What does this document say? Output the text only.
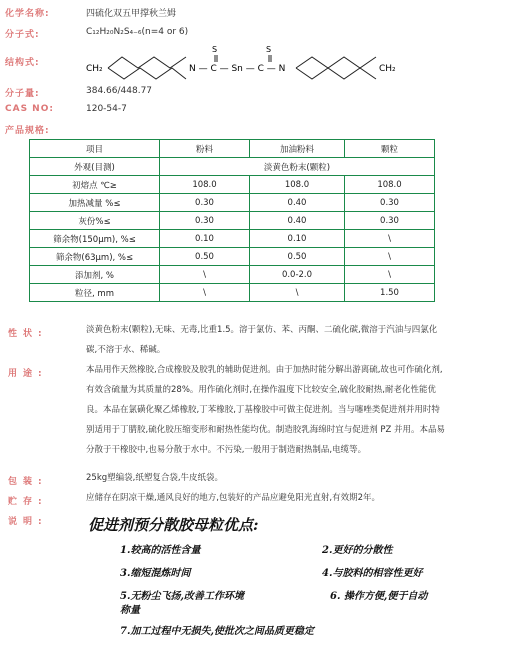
化学名称:	四硫化双五甲撑秋兰姆
分子式:	C₁₂H₂₀N₂S₄₋₆(n=4 or 6)
结构式:
CH₂	N — C — Sn — C — N
S	S
CH₂
分子量:	384.66/448.77
CAS NO:	120-54-7
产品规格:
项目	粉料	加油粉料	颗粒
外观(目测)	淡黄色粉末(颗粒)		
初熔点 ℃≥	108.0	108.0	108.0
加热减量 %≤	0.30	0.40	0.30
灰份%≤	0.30	0.40	0.30
筛余物(150μm), %≤	0.10	0.10	\
筛余物(63μm), %≤	0.50	0.50	\
添加剂, %	\	0.0-2.0	\
粒径, mm	\	\	1.50
性状:	淡黄色粉末(颗粒),无味、无毒,比重1.5。溶于氯仿、苯、丙酮、二硫化碳,微溶于汽油与四氯化碳,不溶于水、稀碱。
用途:	本品用作天然橡胶,合成橡胶及胶乳的辅助促进剂。由于加热时能分解出游离硫,故也可作硫化剂,有效含硫量为其质量的28%。用作硫化剂时,在操作温度下比较安全,硫化胶耐热,耐老化性能优良。本品在氯磺化聚乙烯橡胶,丁苯橡胶,丁基橡胶中可做主促进剂。当与噻唑类促进剂并用时特别适用于丁腈胶,硫化胶压缩变形和耐热性能均优。制造胶乳海绵时宜与促进剂 PZ 并用。本品易分散于干橡胶中,也易分散于水中。不污染,一般用于制造耐热制品,电缆等。
包装:	25kg塑编袋,纸塑复合袋,牛皮纸袋。
贮存:	应储存在阴凉干燥,通风良好的地方,包装好的产品应避免阳光直射,有效期2年。
说明:	促进剂预分散胶母粒优点:
1.较高的活性含量	2.更好的分散性
3.缩短混炼时间	4.与胶料的相容性更好
5.无粉尘飞扬,改善工作环境	6. 操作方便,便于自动
称量
7.加工过程中无损失,使批次之间品质更稳定
